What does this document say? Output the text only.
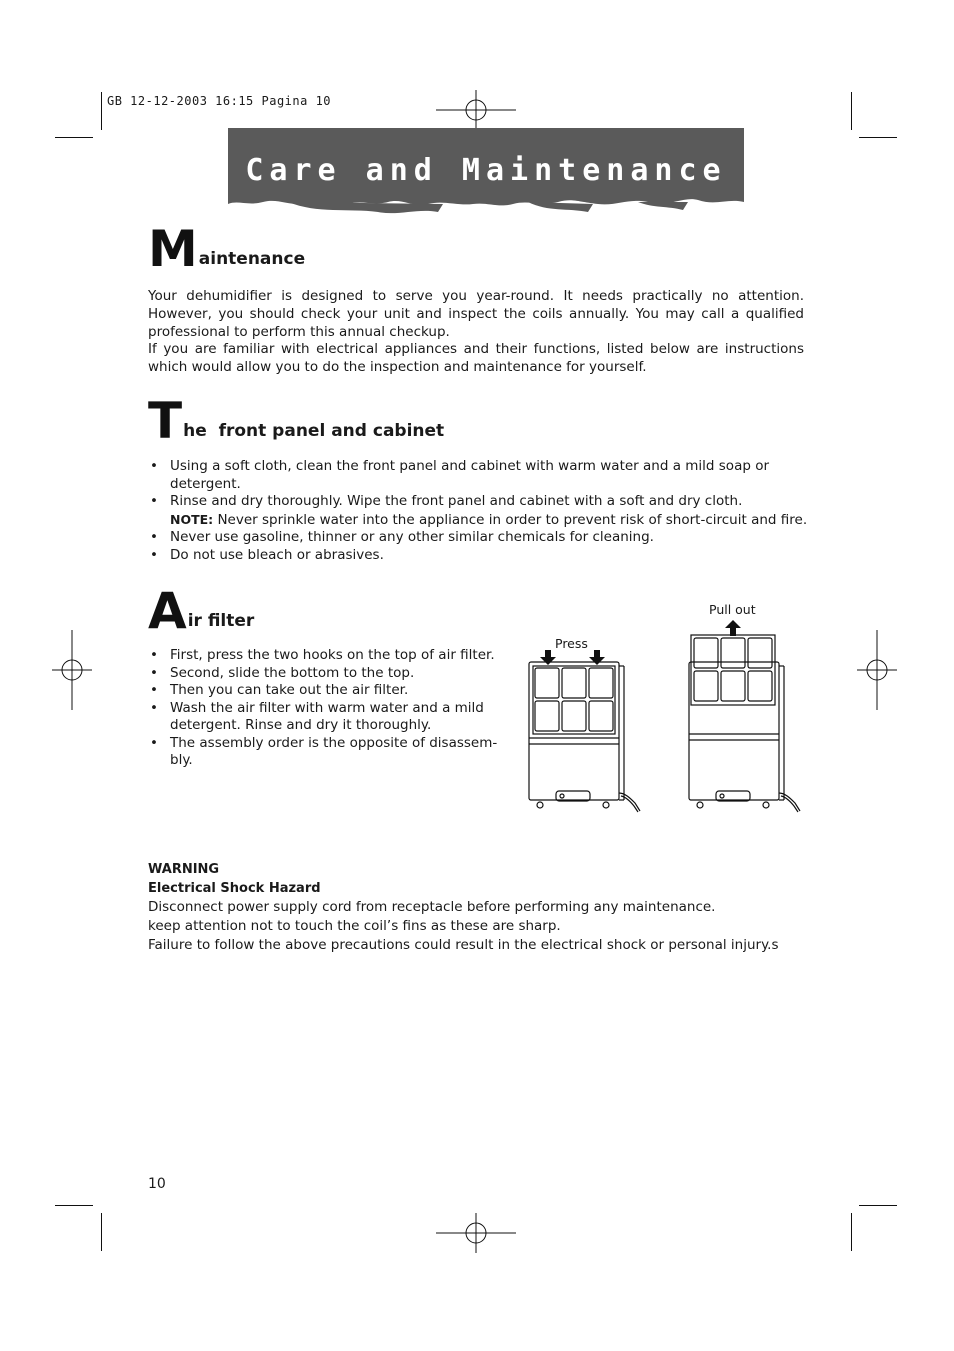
GB 12-12-2003 16:15 Pagina 10
Care and Maintenance
M aintenance

Your dehumidifier is designed to serve you year-round. It needs practically no attention. However, you should check your unit and inspect the coils annually. You may call a qualified professional to perform this annual checkup.

If you are familiar with electrical appliances and their functions, listed below are instructions which would allow you to do the inspection and maintenance for yourself.

T he  front panel and cabinet
• Using a soft cloth, clean the front panel and cabinet with warm water and a mild soap or detergent.
• Rinse and dry thoroughly. Wipe the front panel and cabinet with a soft and dry cloth.
NOTE: Never sprinkle water into the appliance in order to prevent risk of short-circuit and fire.
• Never use gasoline, thinner or any other similar chemicals for cleaning.
• Do not use bleach or abrasives.
A ir filter
• First, press the two hooks on the top of air filter.
• Second, slide the bottom to the top.
• Then you can take out the air filter.
• Wash the air filter with warm water and a mild detergent. Rinse and dry it thoroughly.
• The assembly order is the opposite of disassem-bly.
Press
Pull out
WARNING
Electrical Shock Hazard
Disconnect power supply cord from receptacle before performing any maintenance.
keep attention not to touch the coil’s fins as these are sharp.
Failure to follow the above precautions could result in the electrical shock or personal injury.s
10
